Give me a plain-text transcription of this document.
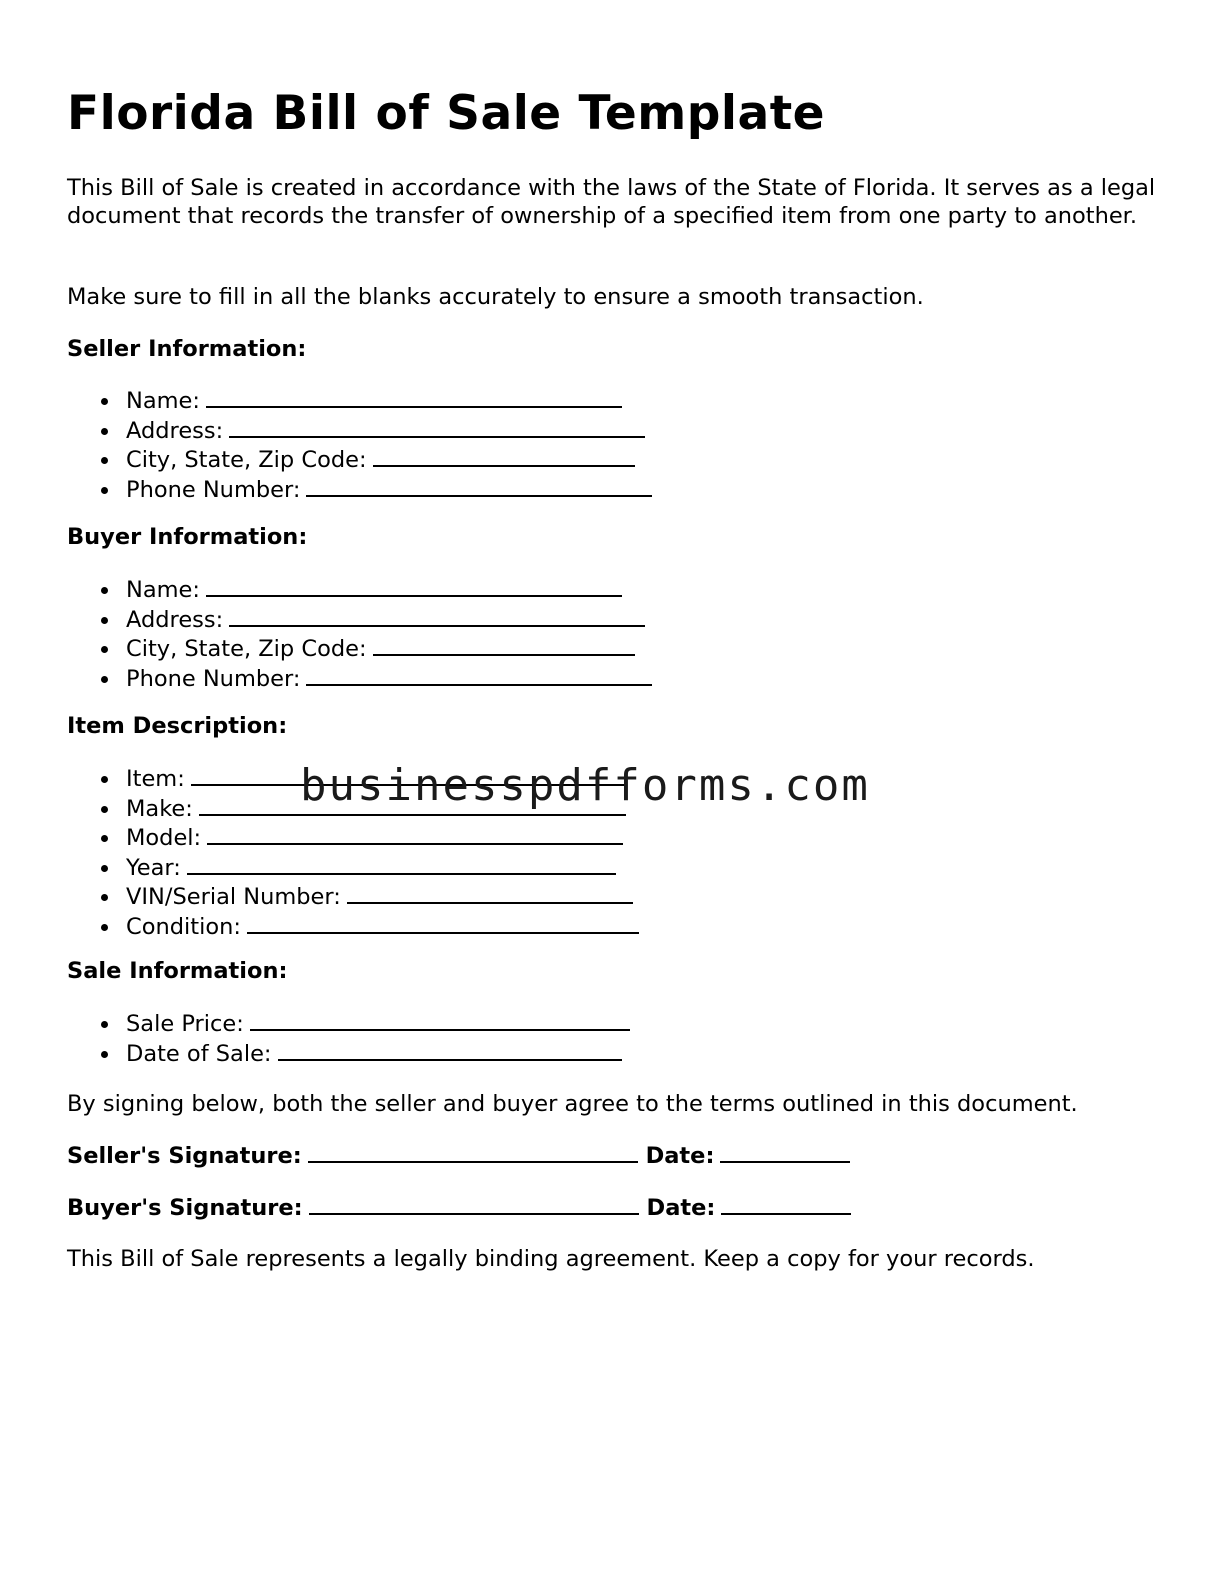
Florida Bill of Sale Template

This Bill of Sale is created in accordance with the laws of the State of Florida. It serves as a legal document that records the transfer of ownership of a specified item from one party to another.

Make sure to fill in all the blanks accurately to ensure a smooth transaction.

Seller Information:

Name:
Address:
City, State, Zip Code:
Phone Number:

Buyer Information:

Name:
Address:
City, State, Zip Code:
Phone Number:

Item Description:

Item:
Make:
Model:
Year:
VIN/Serial Number:
Condition:

Sale Information:

Sale Price:
Date of Sale:

By signing below, both the seller and buyer agree to the terms outlined in this document.

Seller's Signature:	Date:

Buyer's Signature:	Date:

This Bill of Sale represents a legally binding agreement. Keep a copy for your records.

businesspdfforms.com
